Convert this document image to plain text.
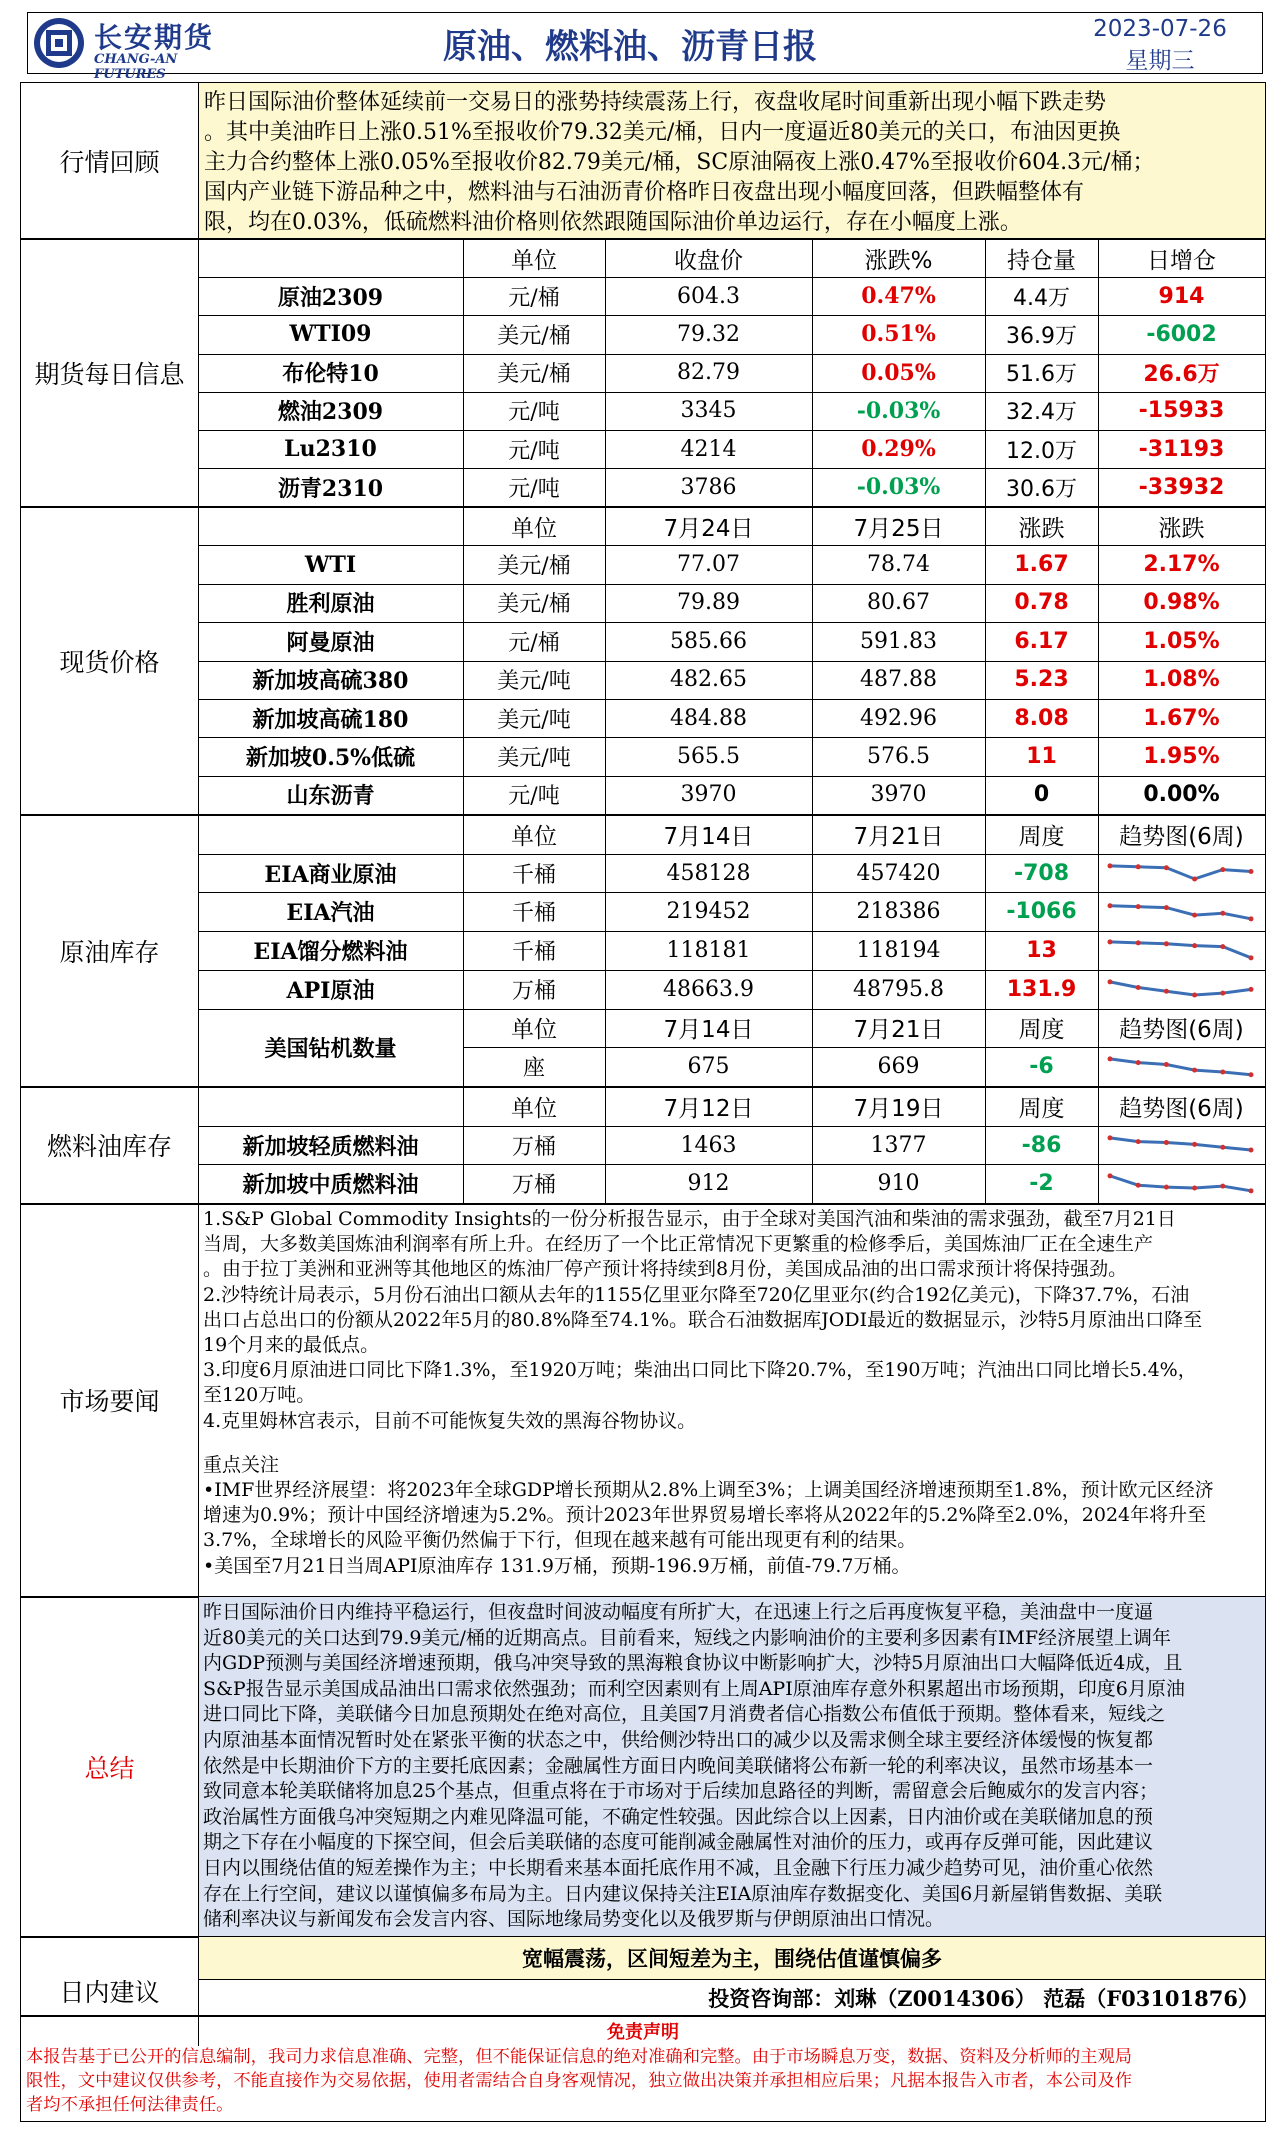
长安期货
CHANG-AN FUTURES
原油、燃料油、沥青日报	2023-07-26
星期三
行情回顾
昨日国际油价整体延续前一交易日的涨势持续震荡上行，夜盘收尾时间重新出现小幅下跌走势
。其中美油昨日上涨0.51%至报收价79.32美元/桶，日内一度逼近80美元的关口，布油因更换
主力合约整体上涨0.05%至报收价82.79美元/桶，SC原油隔夜上涨0.47%至报收价604.3元/桶；
国内产业链下游品种之中，燃料油与石油沥青价格昨日夜盘出现小幅度回落，但跌幅整体有
限，均在0.03%，低硫燃料油价格则依然跟随国际油价单边运行，存在小幅度上涨。
期货每日信息
现货价格
原油库存
燃料油库存
市场要闻
1.S&P Global Commodity Insights的一份分析报告显示，由于全球对美国汽油和柴油的需求强劲，截至7月21日
当周，大多数美国炼油利润率有所上升。在经历了一个比正常情况下更繁重的检修季后，美国炼油厂正在全速生产
。由于拉丁美洲和亚洲等其他地区的炼油厂停产预计将持续到8月份，美国成品油的出口需求预计将保持强劲。
2.沙特统计局表示，5月份石油出口额从去年的1155亿里亚尔降至720亿里亚尔(约合192亿美元)，下降37.7%，石油
出口占总出口的份额从2022年5月的80.8%降至74.1%。联合石油数据库JODI最近的数据显示，沙特5月原油出口降至
19个月来的最低点。
3.印度6月原油进口同比下降1.3%，至1920万吨；柴油出口同比下降20.7%，至190万吨；汽油出口同比增长5.4%，
至120万吨。
4.克里姆林宫表示，目前不可能恢复失效的黑海谷物协议。
重点关注
•IMF世界经济展望：将2023年全球GDP增长预期从2.8%上调至3%；上调美国经济增速预期至1.8%，预计欧元区经济
增速为0.9%；预计中国经济增速为5.2%。预计2023年世界贸易增长率将从2022年的5.2%降至2.0%，2024年将升至
3.7%，全球增长的风险平衡仍然偏于下行，但现在越来越有可能出现更有利的结果。
•美国至7月21日当周API原油库存 131.9万桶，预期-196.9万桶，前值-79.7万桶。
总结
昨日国际油价日内维持平稳运行，但夜盘时间波动幅度有所扩大，在迅速上行之后再度恢复平稳，美油盘中一度逼
近80美元的关口达到79.9美元/桶的近期高点。目前看来，短线之内影响油价的主要利多因素有IMF经济展望上调年
内GDP预测与美国经济增速预期，俄乌冲突导致的黑海粮食协议中断影响扩大，沙特5月原油出口大幅降低近4成，且
S&P报告显示美国成品油出口需求依然强劲；而利空因素则有上周API原油库存意外积累超出市场预期，印度6月原油
进口同比下降，美联储今日加息预期处在绝对高位，且美国7月消费者信心指数公布值低于预期。整体看来，短线之
内原油基本面情况暂时处在紧张平衡的状态之中，供给侧沙特出口的减少以及需求侧全球主要经济体缓慢的恢复都
依然是中长期油价下方的主要托底因素；金融属性方面日内晚间美联储将公布新一轮的利率决议，虽然市场基本一
致同意本轮美联储将加息25个基点，但重点将在于市场对于后续加息路径的判断，需留意会后鲍威尔的发言内容；
政治属性方面俄乌冲突短期之内难见降温可能，不确定性较强。因此综合以上因素，日内油价或在美联储加息的预
期之下存在小幅度的下探空间，但会后美联储的态度可能削减金融属性对油价的压力，或再存反弹可能，因此建议
日内以围绕估值的短差操作为主；中长期看来基本面托底作用不减，且金融下行压力减少趋势可见，油价重心依然
存在上行空间，建议以谨慎偏多布局为主。日内建议保持关注EIA原油库存数据变化、美国6月新屋销售数据、美联
储利率决议与新闻发布会发言内容、国际地缘局势变化以及俄罗斯与伊朗原油出口情况。
日内建议
宽幅震荡，区间短差为主，围绕估值谨慎偏多
投资咨询部：刘琳（Z0014306） 范磊（F03101876）
免责声明
本报告基于已公开的信息编制，我司力求信息准确、完整，但不能保证信息的绝对准确和完整。由于市场瞬息万变，数据、资料及分析师的主观局
限性，文中建议仅供参考，不能直接作为交易依据，使用者需结合自身客观情况，独立做出决策并承担相应后果；凡据本报告入市者，本公司及作
者均不承担任何法律责任。
单位	收盘价	涨跌%	持仓量	日增仓
原油2309	元/桶	604.3	0.47%	4.4万	914
WTI09	美元/桶	79.32	0.51%	36.9万	-6002
布伦特10	美元/桶	82.79	0.05%	51.6万	26.6万
燃油2309	元/吨	3345	-0.03%	32.4万	-15933
Lu2310	元/吨	4214	0.29%	12.0万	-31193
沥青2310	元/吨	3786	-0.03%	30.6万	-33932
单位	7月24日	7月25日	涨跌	涨跌
WTI	美元/桶	77.07	78.74	1.67	2.17%
胜利原油	美元/桶	79.89	80.67	0.78	0.98%
阿曼原油	元/桶	585.66	591.83	6.17	1.05%
新加坡高硫380	美元/吨	482.65	487.88	5.23	1.08%
新加坡高硫180	美元/吨	484.88	492.96	8.08	1.67%
新加坡0.5%低硫	美元/吨	565.5	576.5	11	1.95%
山东沥青	元/吨	3970	3970	0	0.00%
单位	7月14日	7月21日	周度	趋势图(6周)
EIA商业原油	千桶	458128	457420	-708
EIA汽油	千桶	219452	218386	-1066
EIA馏分燃料油	千桶	118181	118194	13
API原油	万桶	48663.9	48795.8	131.9
单位	7月14日	7月21日	周度	趋势图(6周)
美国钻机数量
座	675	669	-6
单位	7月12日	7月19日	周度	趋势图(6周)
新加坡轻质燃料油	万桶	1463	1377	-86
新加坡中质燃料油	万桶	912	910	-2
